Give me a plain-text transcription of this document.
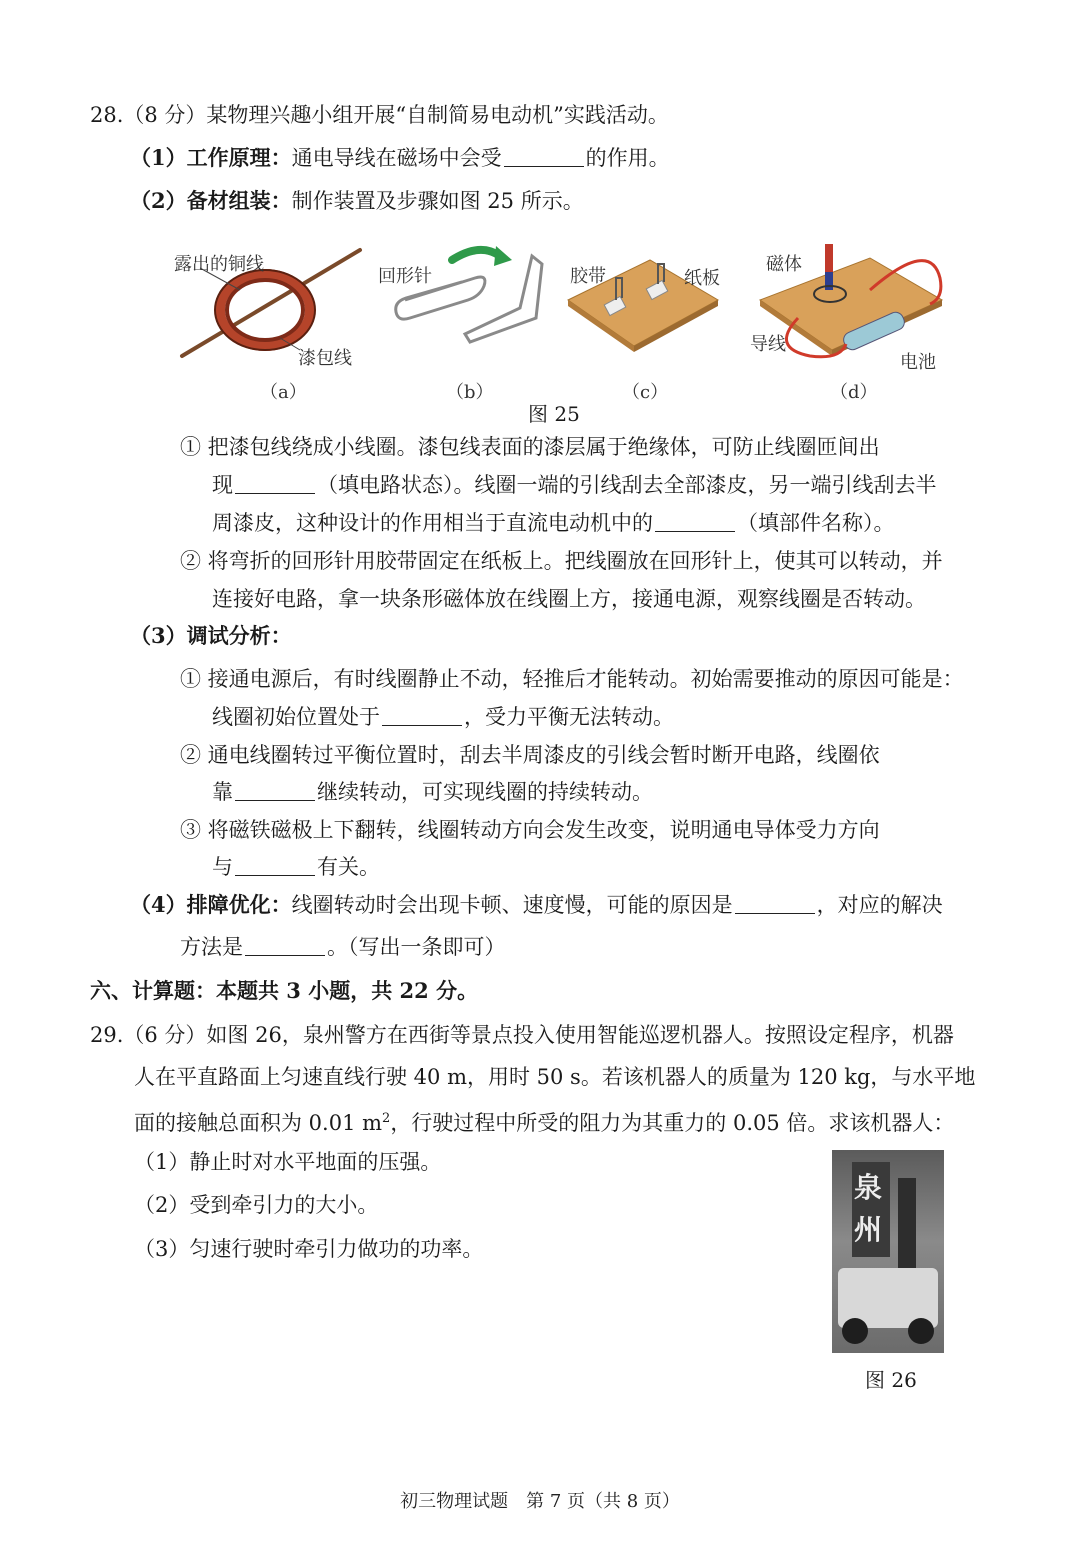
28.（8 分）某物理兴趣小组开展“自制简易电动机”实践活动。
（1）工作原理：通电导线在磁场中会受	的作用。
（2）备材组装：制作装置及步骤如图 25 所示。
露出的铜线
漆包线
回形针	胶带	纸板
磁体
导线
电池
（a）	（b）	（c）	（d）
图 25
① 把漆包线绕成小线圈。漆包线表面的漆层属于绝缘体，可防止线圈匝间出
现	（填电路状态）。线圈一端的引线刮去全部漆皮，另一端引线刮去半
周漆皮，这种设计的作用相当于直流电动机中的	（填部件名称）。
② 将弯折的回形针用胶带固定在纸板上。把线圈放在回形针上，使其可以转动，并
连接好电路，拿一块条形磁体放在线圈上方，接通电源，观察线圈是否转动。
（3）调试分析：
① 接通电源后，有时线圈静止不动，轻推后才能转动。初始需要推动的原因可能是：
线圈初始位置处于	，受力平衡无法转动。
② 通电线圈转过平衡位置时，刮去半周漆皮的引线会暂时断开电路，线圈依
靠	继续转动，可实现线圈的持续转动。
③ 将磁铁磁极上下翻转，线圈转动方向会发生改变，说明通电导体受力方向
与	有关。
（4）排障优化：线圈转动时会出现卡顿、速度慢，可能的原因是	，对应的解决
方法是	。（写出一条即可）
六、计算题：本题共 3 小题，共 22 分。
29.（6 分）如图 26，泉州警方在西街等景点投入使用智能巡逻机器人。按照设定程序，机器
人在平直路面上匀速直线行驶 40 m，用时 50 s。若该机器人的质量为 120 kg，与水平地
面的接触总面积为 0.01 $m^2$，行驶过程中所受的阻力为其重力的 0.05 倍。求该机器人：
（1）静止时对水平地面的压强。
（2）受到牵引力的大小。
（3）匀速行驶时牵引力做功的功率。
泉
州
图 26
初三物理试题　第 7 页（共 8 页）
